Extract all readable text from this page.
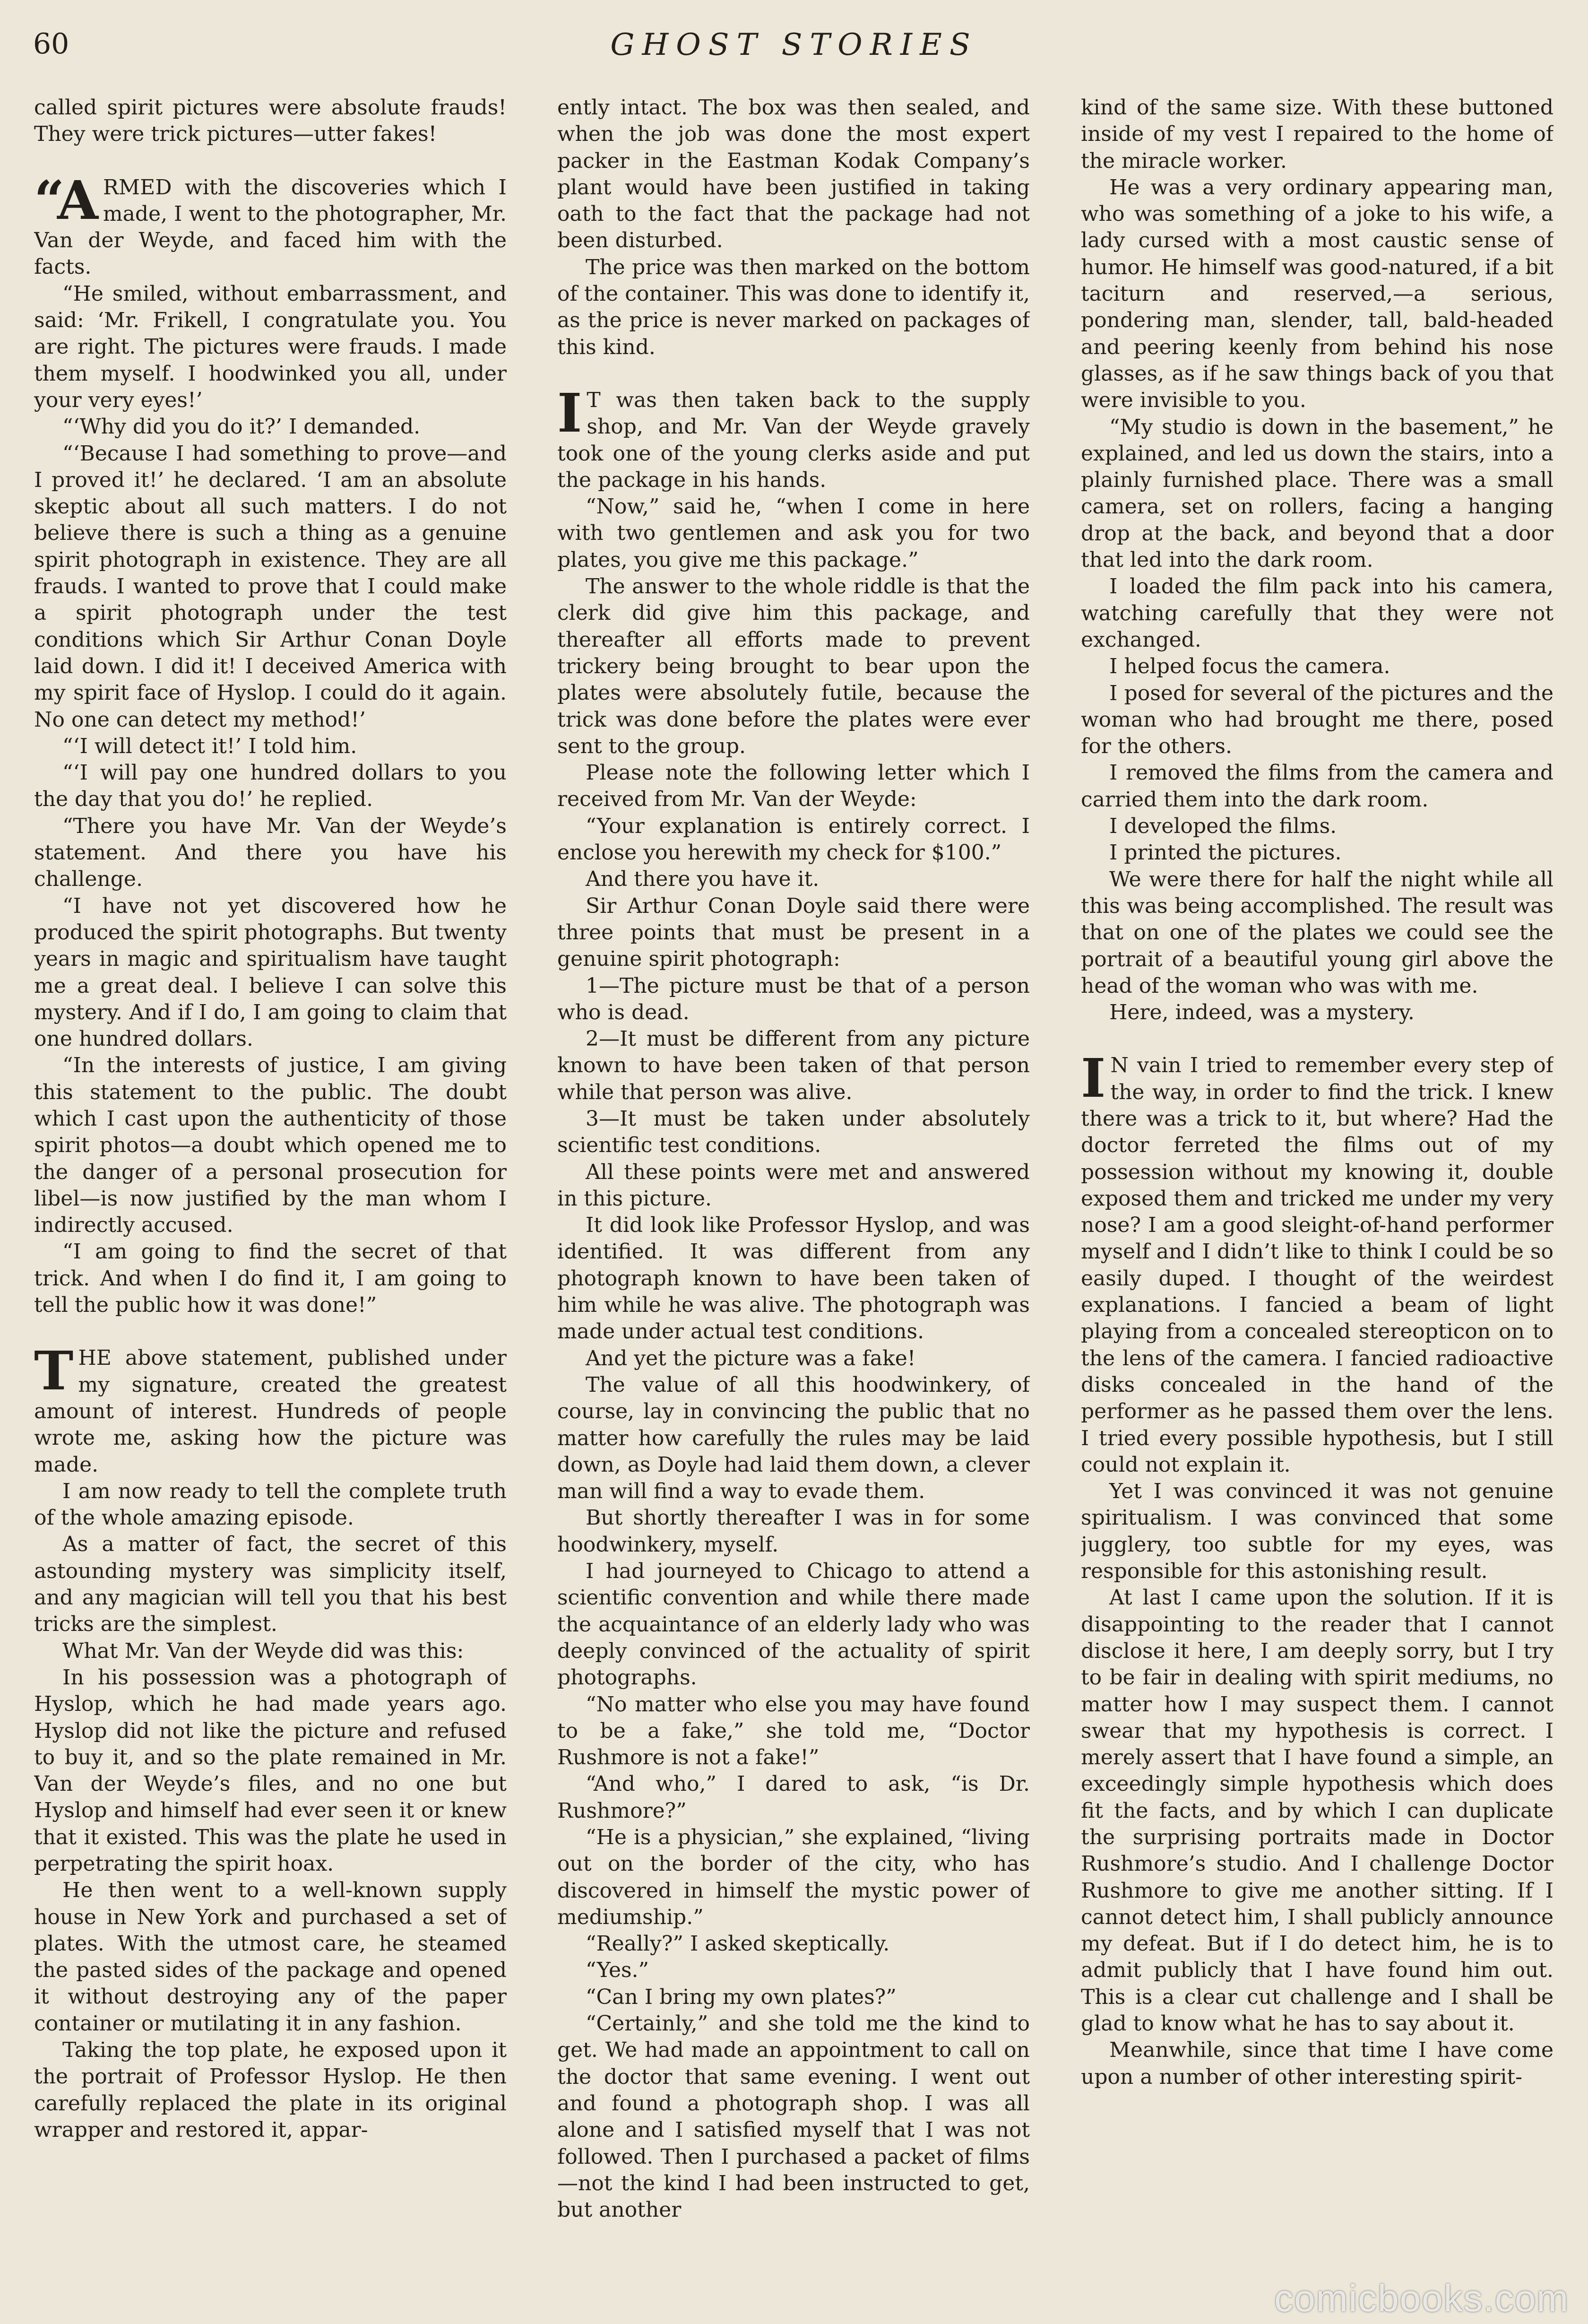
60	GHOST STORIES

called spirit pictures were absolute frauds! They were trick pictures—utter fakes!

“ARMED with the discoveries which I made, I went to the photographer, Mr. Van der Weyde, and faced him with the facts.

“He smiled, without embarrassment, and said: ‘Mr. Frikell, I congratulate you. You are right. The pictures were frauds. I made them myself. I hoodwinked you all, under your very eyes!’

“‘Why did you do it?’ I demanded.

“‘Because I had something to prove—and I proved it!’ he declared. ‘I am an absolute skeptic about all such matters. I do not believe there is such a thing as a genuine spirit photograph in existence. They are all frauds. I wanted to prove that I could make a spirit photograph under the test conditions which Sir Arthur Conan Doyle laid down. I did it! I deceived America with my spirit face of Hyslop. I could do it again. No one can detect my method!’

“‘I will detect it!’ I told him.

“‘I will pay one hundred dollars to you the day that you do!’ he replied.

“There you have Mr. Van der Weyde’s statement. And there you have his challenge.

“I have not yet discovered how he produced the spirit photographs. But twenty years in magic and spiritualism have taught me a great deal. I believe I can solve this mystery. And if I do, I am going to claim that one hundred dollars.

“In the interests of justice, I am giving this statement to the public. The doubt which I cast upon the authenticity of those spirit photos—a doubt which opened me to the danger of a personal prosecution for libel—is now justified by the man whom I indirectly accused.

“I am going to find the secret of that trick. And when I do find it, I am going to tell the public how it was done!”

THE above statement, published under my signature, created the greatest amount of interest. Hundreds of people wrote me, asking how the picture was made.

I am now ready to tell the complete truth of the whole amazing episode.

As a matter of fact, the secret of this astounding mystery was simplicity itself, and any magician will tell you that his best tricks are the simplest.

What Mr. Van der Weyde did was this:

In his possession was a photograph of Hyslop, which he had made years ago. Hyslop did not like the picture and refused to buy it, and so the plate remained in Mr. Van der Weyde’s files, and no one but Hyslop and himself had ever seen it or knew that it existed. This was the plate he used in perpetrating the spirit hoax.

He then went to a well-known supply house in New York and purchased a set of plates. With the utmost care, he steamed the pasted sides of the package and opened it without destroying any of the paper container or mutilating it in any fashion.

Taking the top plate, he exposed upon it the portrait of Professor Hyslop. He then carefully replaced the plate in its original wrapper and restored it, appar-

ently intact. The box was then sealed, and when the job was done the most expert packer in the Eastman Kodak Company’s plant would have been justified in taking oath to the fact that the package had not been disturbed.

The price was then marked on the bottom of the container. This was done to identify it, as the price is never marked on packages of this kind.

I T was then taken back to the supply shop, and Mr. Van der Weyde gravely took one of the young clerks aside and put the package in his hands.

“Now,” said he, “when I come in here with two gentlemen and ask you for two plates, you give me this package.”

The answer to the whole riddle is that the clerk did give him this package, and thereafter all efforts made to prevent trickery being brought to bear upon the plates were absolutely futile, because the trick was done before the plates were ever sent to the group.

Please note the following letter which I received from Mr. Van der Weyde:

“Your explanation is entirely correct. I enclose you herewith my check for $100.”

And there you have it.

Sir Arthur Conan Doyle said there were three points that must be present in a genuine spirit photograph:

1—The picture must be that of a person who is dead.

2—It must be different from any picture known to have been taken of that person while that person was alive.

3—It must be taken under absolutely scientific test conditions.

All these points were met and answered in this picture.

It did look like Professor Hyslop, and was identified. It was different from any photograph known to have been taken of him while he was alive. The photograph was made under actual test conditions.

And yet the picture was a fake!

The value of all this hoodwinkery, of course, lay in convincing the public that no matter how carefully the rules may be laid down, as Doyle had laid them down, a clever man will find a way to evade them.

But shortly thereafter I was in for some hoodwinkery, myself.

I had journeyed to Chicago to attend a scientific convention and while there made the acquaintance of an elderly lady who was deeply convinced of the actuality of spirit photographs.

“No matter who else you may have found to be a fake,” she told me, “Doctor Rushmore is not a fake!”

“And who,” I dared to ask, “is Dr. Rushmore?”

“He is a physician,” she explained, “living out on the border of the city, who has discovered in himself the mystic power of mediumship.”

“Really?” I asked skeptically.

“Yes.”

“Can I bring my own plates?”

“Certainly,” and she told me the kind to get. We had made an appointment to call on the doctor that same evening. I went out and found a photograph shop. I was all alone and I satisfied myself that I was not followed. Then I purchased a packet of films—not the kind I had been instructed to get, but another

kind of the same size. With these buttoned inside of my vest I repaired to the home of the miracle worker.

He was a very ordinary appearing man, who was something of a joke to his wife, a lady cursed with a most caustic sense of humor. He himself was good-natured, if a bit taciturn and reserved,—a serious, pondering man, slender, tall, bald-headed and peering keenly from behind his nose glasses, as if he saw things back of you that were invisible to you.

“My studio is down in the basement,” he explained, and led us down the stairs, into a plainly furnished place. There was a small camera, set on rollers, facing a hanging drop at the back, and beyond that a door that led into the dark room.

I loaded the film pack into his camera, watching carefully that they were not exchanged.

I helped focus the camera.

I posed for several of the pictures and the woman who had brought me there, posed for the others.

I removed the films from the camera and carried them into the dark room.

I developed the films.

I printed the pictures.

We were there for half the night while all this was being accomplished. The result was that on one of the plates we could see the portrait of a beautiful young girl above the head of the woman who was with me.

Here, indeed, was a mystery.

I N vain I tried to remember every step of the way, in order to find the trick. I knew there was a trick to it, but where? Had the doctor ferreted the films out of my possession without my knowing it, double exposed them and tricked me under my very nose? I am a good sleight-of-hand performer myself and I didn’t like to think I could be so easily duped. I thought of the weirdest explanations. I fancied a beam of light playing from a concealed stereopticon on to the lens of the camera. I fancied radioactive disks concealed in the hand of the performer as he passed them over the lens. I tried every possible hypothesis, but I still could not explain it.

Yet I was convinced it was not genuine spiritualism. I was convinced that some jugglery, too subtle for my eyes, was responsible for this astonishing result.

At last I came upon the solution. If it is disappointing to the reader that I cannot disclose it here, I am deeply sorry, but I try to be fair in dealing with spirit mediums, no matter how I may suspect them. I cannot swear that my hypothesis is correct. I merely assert that I have found a simple, an exceedingly simple hypothesis which does fit the facts, and by which I can duplicate the surprising portraits made in Doctor Rushmore’s studio. And I challenge Doctor Rushmore to give me another sitting. If I cannot detect him, I shall publicly announce my defeat. But if I do detect him, he is to admit publicly that I have found him out. This is a clear cut challenge and I shall be glad to know what he has to say about it.

Meanwhile, since that time I have come upon a number of other interesting spirit-

comicbooks.com
